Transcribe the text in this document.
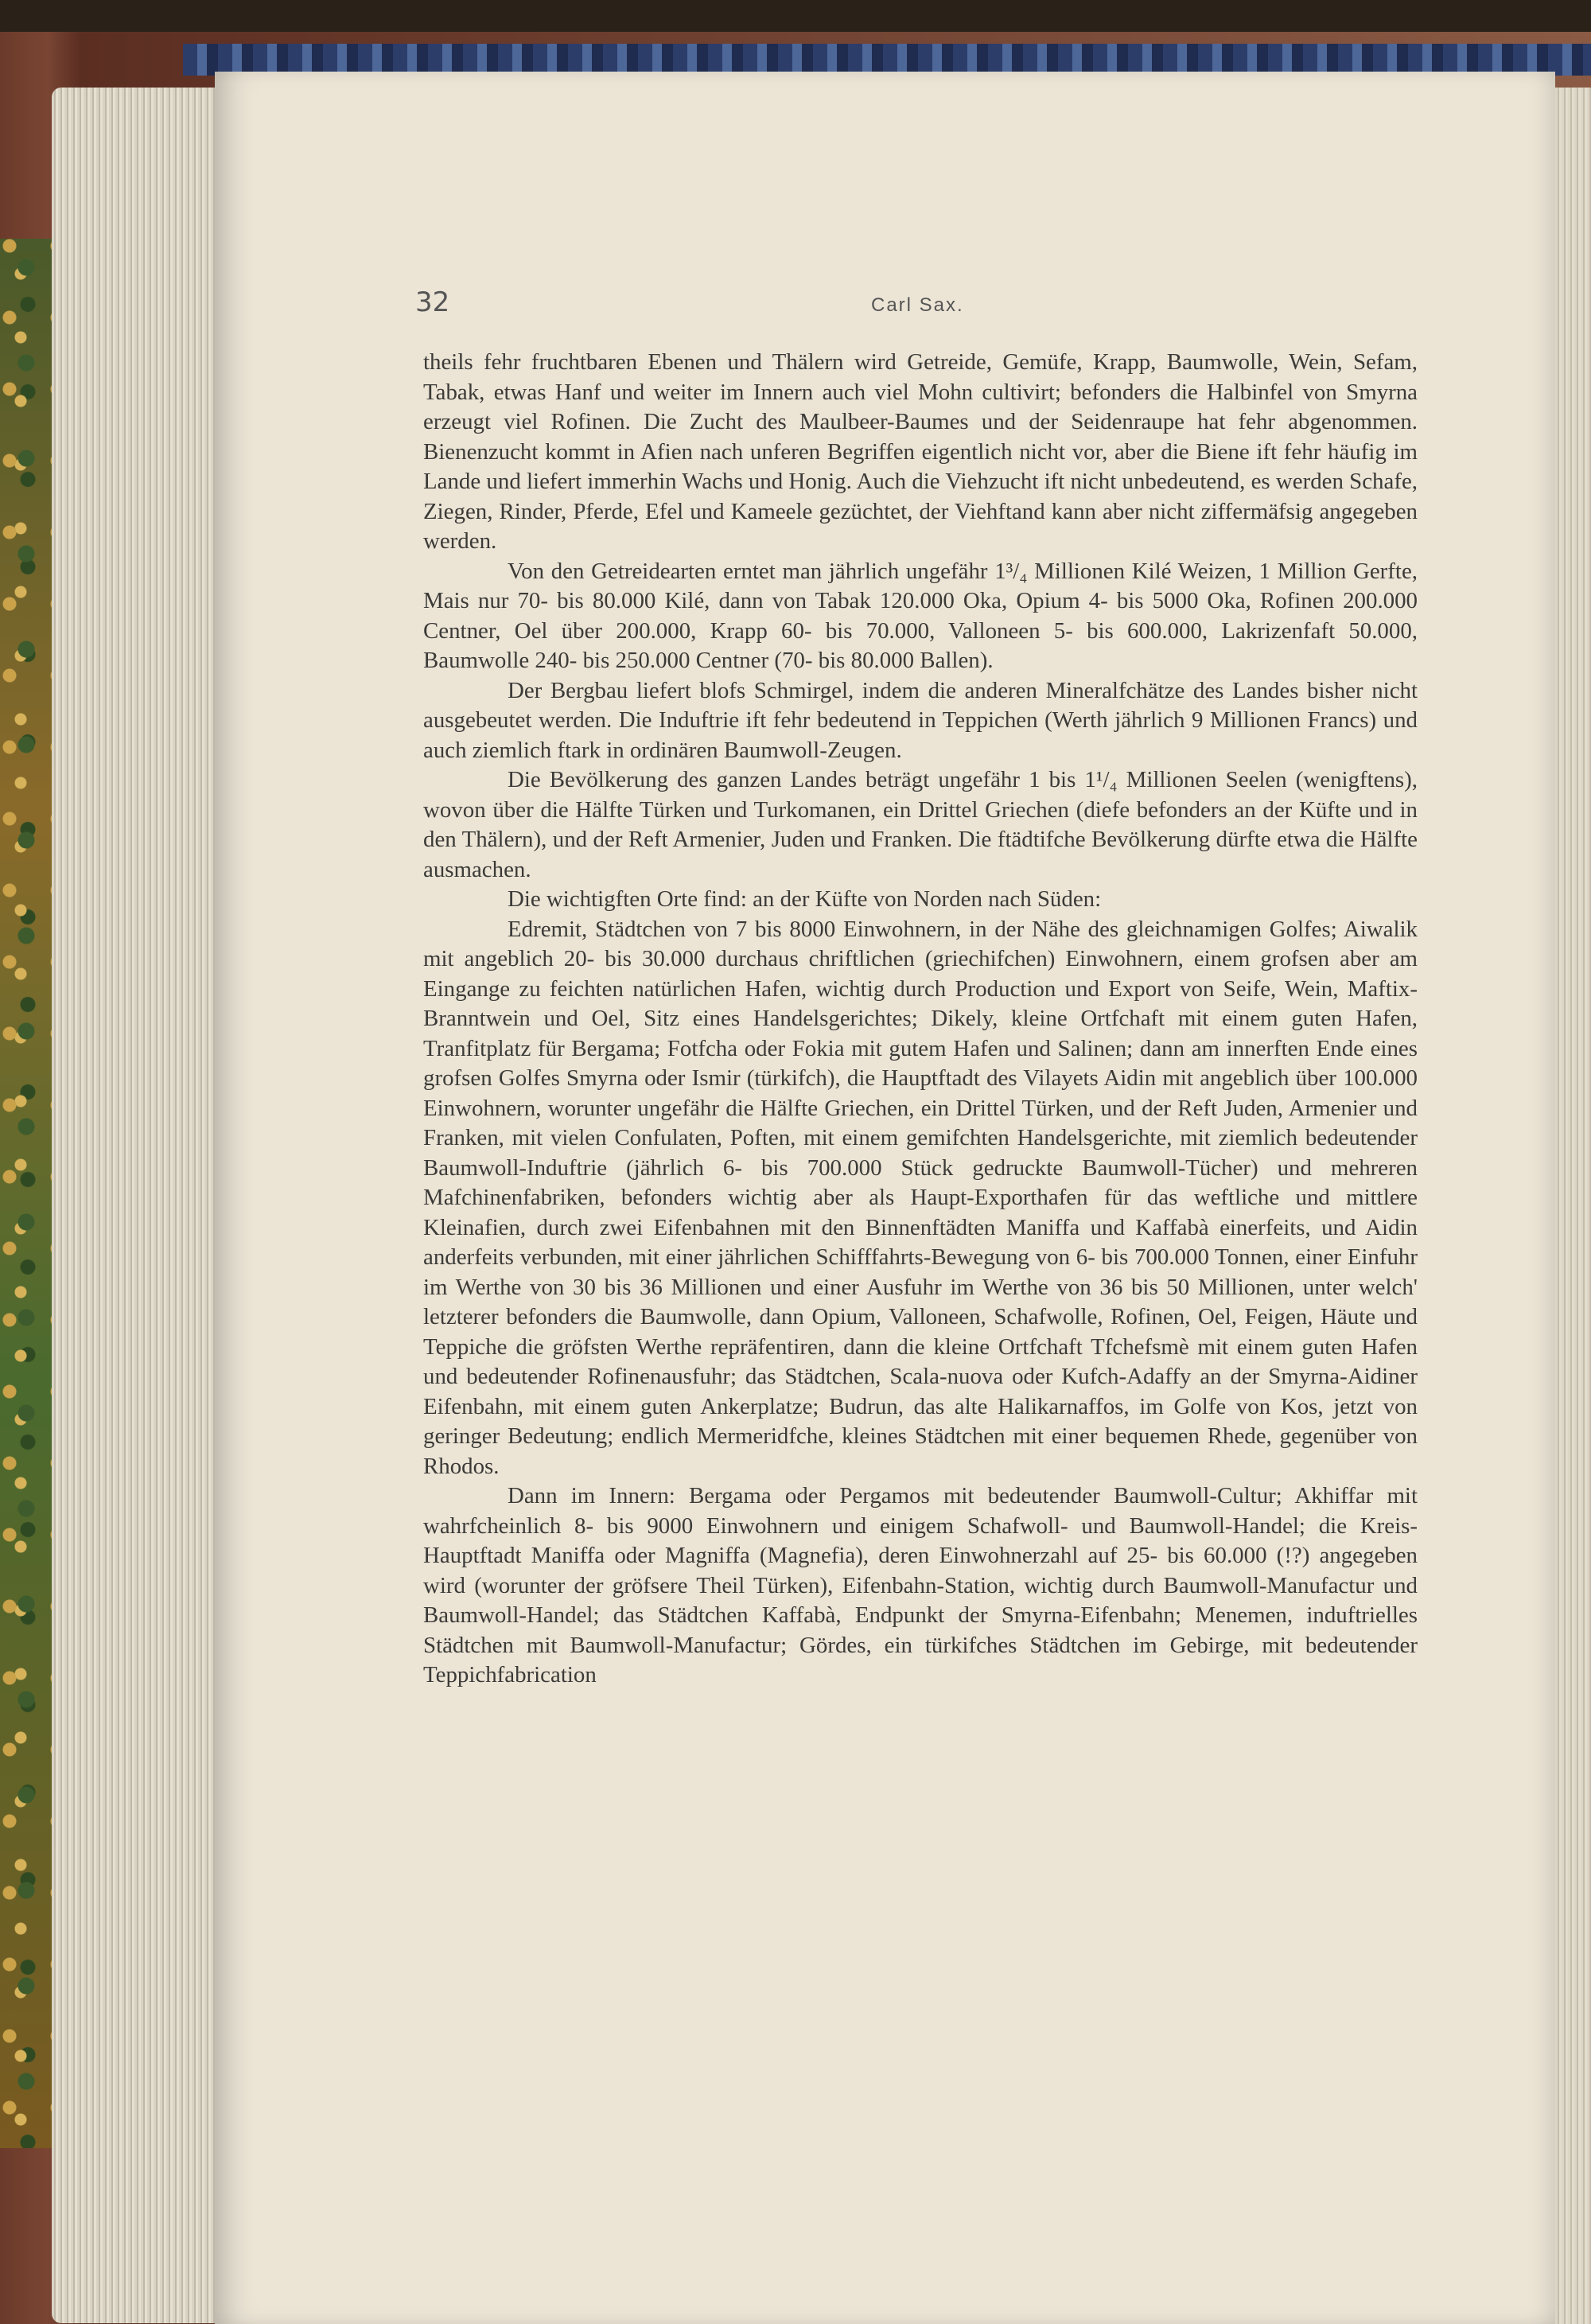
32	Carl Sax.

theils fehr fruchtbaren Ebenen und Thälern wird Getreide, Gemüfe, Krapp, Baumwolle, Wein, Sefam, Tabak, etwas Hanf und weiter im Innern auch viel Mohn cultivirt; befonders die Halbinfel von Smyrna erzeugt viel Rofinen. Die Zucht des Maulbeer-Baumes und der Seidenraupe hat fehr abgenommen. Bienenzucht kommt in Afien nach unferen Begriffen eigentlich nicht vor, aber die Biene ift fehr häufig im Lande und liefert immerhin Wachs und Honig. Auch die Viehzucht ift nicht unbedeutend, es werden Schafe, Ziegen, Rinder, Pferde, Efel und Kameele gezüchtet, der Viehftand kann aber nicht ziffermäfsig angegeben werden.

Von den Getreidearten erntet man jährlich ungefähr 1³/₄ Millionen Kilé Weizen, 1 Million Gerfte, Mais nur 70- bis 80.000 Kilé, dann von Tabak 120.000 Oka, Opium 4- bis 5000 Oka, Rofinen 200.000 Centner, Oel über 200.000, Krapp 60- bis 70.000, Valloneen 5- bis 600.000, Lakrizenfaft 50.000, Baumwolle 240- bis 250.000 Centner (70- bis 80.000 Ballen).

Der Bergbau liefert blofs Schmirgel, indem die anderen Mineralfchätze des Landes bisher nicht ausgebeutet werden. Die Induftrie ift fehr bedeutend in Teppichen (Werth jährlich 9 Millionen Francs) und auch ziemlich ftark in ordinären Baumwoll-Zeugen.

Die Bevölkerung des ganzen Landes beträgt ungefähr 1 bis 1¹/₄ Millionen Seelen (wenigftens), wovon über die Hälfte Türken und Turkomanen, ein Drittel Griechen (diefe befonders an der Küfte und in den Thälern), und der Reft Armenier, Juden und Franken. Die ftädtifche Bevölkerung dürfte etwa die Hälfte ausmachen.

Die wichtigften Orte find: an der Küfte von Norden nach Süden:

Edremit, Städtchen von 7 bis 8000 Einwohnern, in der Nähe des gleichnamigen Golfes; Aiwalik mit angeblich 20- bis 30.000 durchaus chriftlichen (griechifchen) Einwohnern, einem grofsen aber am Eingange zu feichten natürlichen Hafen, wichtig durch Production und Export von Seife, Wein, Maftix-Branntwein und Oel, Sitz eines Handelsgerichtes; Dikely, kleine Ortfchaft mit einem guten Hafen, Tranfitplatz für Bergama; Fotfcha oder Fokia mit gutem Hafen und Salinen; dann am innerften Ende eines grofsen Golfes Smyrna oder Ismir (türkifch), die Hauptftadt des Vilayets Aidin mit angeblich über 100.000 Einwohnern, worunter ungefähr die Hälfte Griechen, ein Drittel Türken, und der Reft Juden, Armenier und Franken, mit vielen Confulaten, Poften, mit einem gemifchten Handelsgerichte, mit ziemlich bedeutender Baumwoll-Induftrie (jährlich 6- bis 700.000 Stück gedruckte Baumwoll-Tücher) und mehreren Mafchinenfabriken, befonders wichtig aber als Haupt-Exporthafen für das weftliche und mittlere Kleinafien, durch zwei Eifenbahnen mit den Binnenftädten Maniffa und Kaffabà einerfeits, und Aidin anderfeits verbunden, mit einer jährlichen Schifffahrts-Bewegung von 6- bis 700.000 Tonnen, einer Einfuhr im Werthe von 30 bis 36 Millionen und einer Ausfuhr im Werthe von 36 bis 50 Millionen, unter welch' letzterer befonders die Baumwolle, dann Opium, Valloneen, Schafwolle, Rofinen, Oel, Feigen, Häute und Teppiche die gröfsten Werthe repräfentiren, dann die kleine Ortfchaft Tfchefsmè mit einem guten Hafen und bedeutender Rofinenausfuhr; das Städtchen, Scala-nuova oder Kufch-Adaffy an der Smyrna-Aidiner Eifenbahn, mit einem guten Ankerplatze; Budrun, das alte Halikarnaffos, im Golfe von Kos, jetzt von geringer Bedeutung; endlich Mermeridfche, kleines Städtchen mit einer bequemen Rhede, gegenüber von Rhodos.

Dann im Innern: Bergama oder Pergamos mit bedeutender Baumwoll-Cultur; Akhiffar mit wahrfcheinlich 8- bis 9000 Einwohnern und einigem Schafwoll- und Baumwoll-Handel; die Kreis-Hauptftadt Maniffa oder Magniffa (Magnefia), deren Einwohnerzahl auf 25- bis 60.000 (!?) angegeben wird (worunter der gröfsere Theil Türken), Eifenbahn-Station, wichtig durch Baumwoll-Manufactur und Baumwoll-Handel; das Städtchen Kaffabà, Endpunkt der Smyrna-Eifenbahn; Menemen, induftrielles Städtchen mit Baumwoll-Manufactur; Gördes, ein türkifches Städtchen im Gebirge, mit bedeutender Teppichfabrication
